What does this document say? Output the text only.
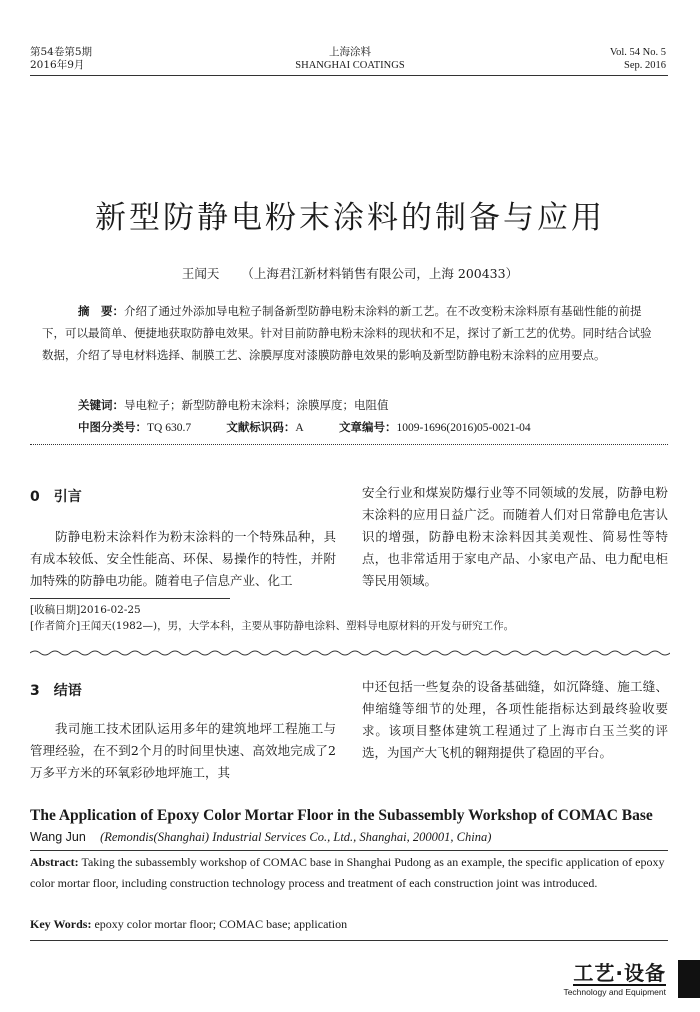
第54卷第5期
2016年9月
上海涂料
SHANGHAI COATINGS
Vol. 54 No. 5
Sep. 2016
新型防静电粉末涂料的制备与应用
王闻天 （上海君江新材料销售有限公司，上海 200433）
摘　要：介绍了通过外添加导电粒子制备新型防静电粉末涂料的新工艺。在不改变粉末涂料原有基础性能的前提下，可以最简单、便捷地获取防静电效果。针对目前防静电粉末涂料的现状和不足，探讨了新工艺的优势。同时结合试验数据，介绍了导电材料选择、制膜工艺、涂膜厚度对漆膜防静电效果的影响及新型防静电粉末涂料的应用要点。
关键词：导电粒子；新型防静电粉末涂料；涂膜厚度；电阻值
中图分类号：TQ 630.7	文献标识码：A	文章编号：1009-1696(2016)05-0021-04
0　引言
防静电粉末涂料作为粉末涂料的一个特殊品种，具有成本较低、安全性能高、环保、易操作的特性，并附加特殊的防静电功能。随着电子信息产业、化工
安全行业和煤炭防爆行业等不同领域的发展，防静电粉末涂料的应用日益广泛。而随着人们对日常静电危害认识的增强，防静电粉末涂料因其美观性、简易性等特点，也非常适用于家电产品、小家电产品、电力配电柜等民用领域。
[收稿日期]2016-02-25
[作者简介]王闻天(1982—)，男，大学本科，主要从事防静电涂料、塑料导电原材料的开发与研究工作。
3　结语
我司施工技术团队运用多年的建筑地坪工程施工与管理经验，在不到2个月的时间里快速、高效地完成了2万多平方米的环氧彩砂地坪施工，其
中还包括一些复杂的设备基础缝，如沉降缝、施工缝、伸缩缝等细节的处理，各项性能指标达到最终验收要求。该项目整体建筑工程通过了上海市白玉兰奖的评选，为国产大飞机的翱翔提供了稳固的平台。
The Application of Epoxy Color Mortar Floor in the Subassembly Workshop of COMAC Base
Wang Jun (Remondis(Shanghai) Industrial Services Co., Ltd., Shanghai, 200001, China)
Abstract: Taking the subassembly workshop of COMAC base in Shanghai Pudong as an example, the specific application of epoxy color mortar floor, including construction technology process and treatment of each construction joint was introduced.
Key Words: epoxy color mortar floor; COMAC base; application
工艺·设备
Technology and Equipment
